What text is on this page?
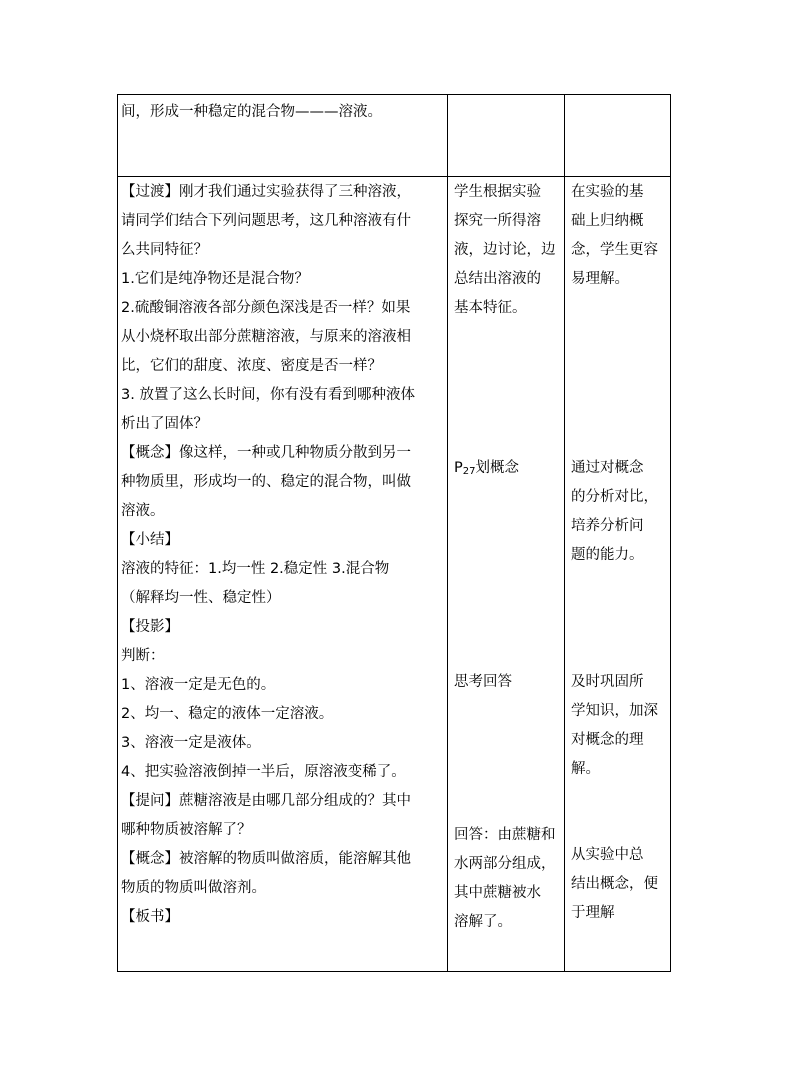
间，形成一种稳定的混合物———溶液。

【过渡】刚才我们通过实验获得了三种溶液，

请同学们结合下列问题思考，这几种溶液有什

么共同特征？

1.它们是纯净物还是混合物？

2.硫酸铜溶液各部分颜色深浅是否一样？如果

从小烧杯取出部分蔗糖溶液，与原来的溶液相

比，它们的甜度、浓度、密度是否一样？

3. 放置了这么长时间，你有没有看到哪种液体

析出了固体？

【概念】像这样，一种或几种物质分散到另一

种物质里，形成均一的、稳定的混合物，叫做

溶液。

【小结】

溶液的特征：1.均一性 2.稳定性 3.混合物

（解释均一性、稳定性）

【投影】

判断：

1、溶液一定是无色的。

2、均一、稳定的液体一定溶液。

3、溶液一定是液体。

4、把实验溶液倒掉一半后，原溶液变稀了。

【提问】蔗糖溶液是由哪几部分组成的？其中

哪种物质被溶解了？

【概念】被溶解的物质叫做溶质，能溶解其他

物质的物质叫做溶剂。

【板书】

学生根据实验

探究一所得溶

液，边讨论，边

总结出溶液的

基本特征。

$P_{27}$划概念

思考回答

回答：由蔗糖和

水两部分组成，

其中蔗糖被水

溶解了。

在实验的基

础上归纳概

念，学生更容

易理解。

通过对概念

的分析对比，

培养分析问

题的能力。

及时巩固所

学知识，加深

对概念的理

解。

从实验中总

结出概念，便

于理解
